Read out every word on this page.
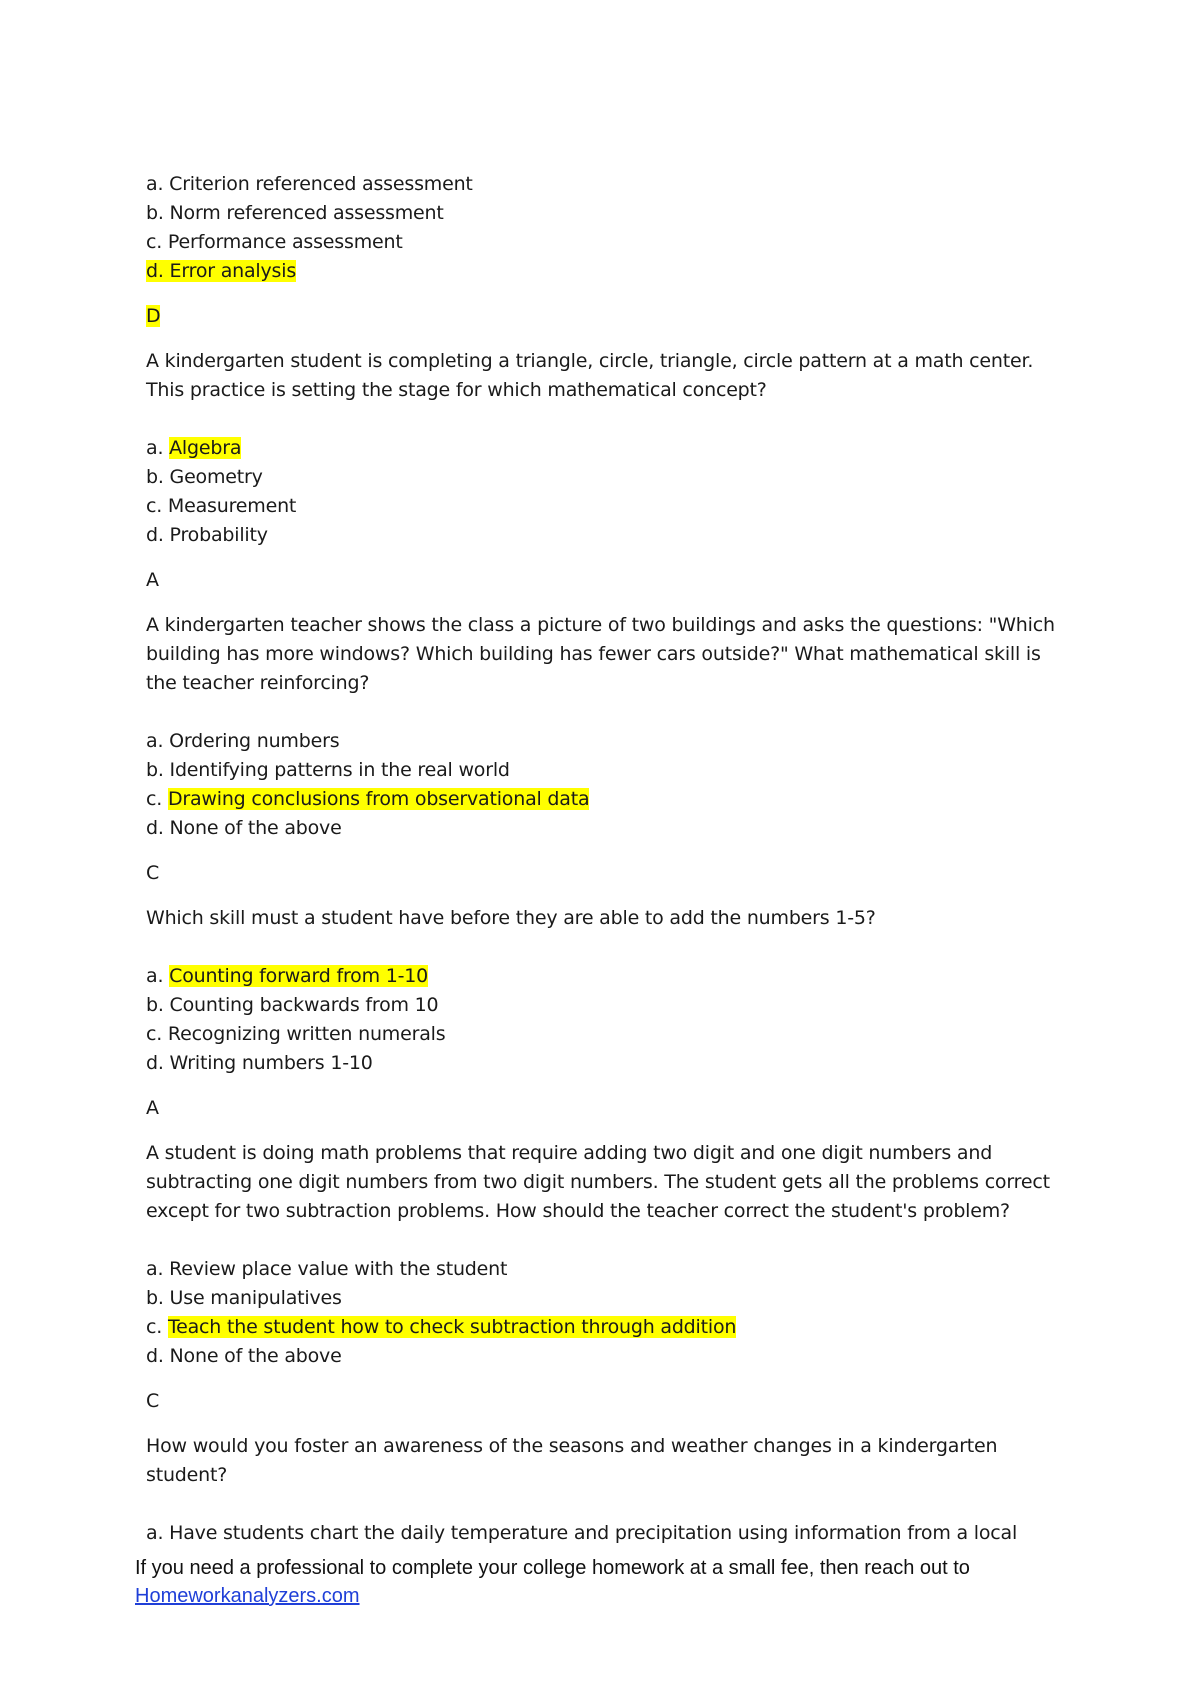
a. Criterion referenced assessment
b. Norm referenced assessment
c. Performance assessment
d. Error analysis
D

A kindergarten student is completing a triangle, circle, triangle, circle pattern at a math center. This practice is setting the stage for which mathematical concept?

a. Algebra
b. Geometry
c. Measurement
d. Probability
A

A kindergarten teacher shows the class a picture of two buildings and asks the questions: "Which building has more windows? Which building has fewer cars outside?" What mathematical skill is the teacher reinforcing?

a. Ordering numbers
b. Identifying patterns in the real world
c. Drawing conclusions from observational data
d. None of the above
C

Which skill must a student have before they are able to add the numbers 1-5?

a. Counting forward from 1-10
b. Counting backwards from 10
c. Recognizing written numerals
d. Writing numbers 1-10
A

A student is doing math problems that require adding two digit and one digit numbers and subtracting one digit numbers from two digit numbers. The student gets all the problems correct except for two subtraction problems. How should the teacher correct the student's problem?

a. Review place value with the student
b. Use manipulatives
c. Teach the student how to check subtraction through addition
d. None of the above
C

How would you foster an awareness of the seasons and weather changes in a kindergarten student?

a. Have students chart the daily temperature and precipitation using information from a local
If you need a professional to complete your college homework at a small fee, then reach out to
Homeworkanalyzers.com
